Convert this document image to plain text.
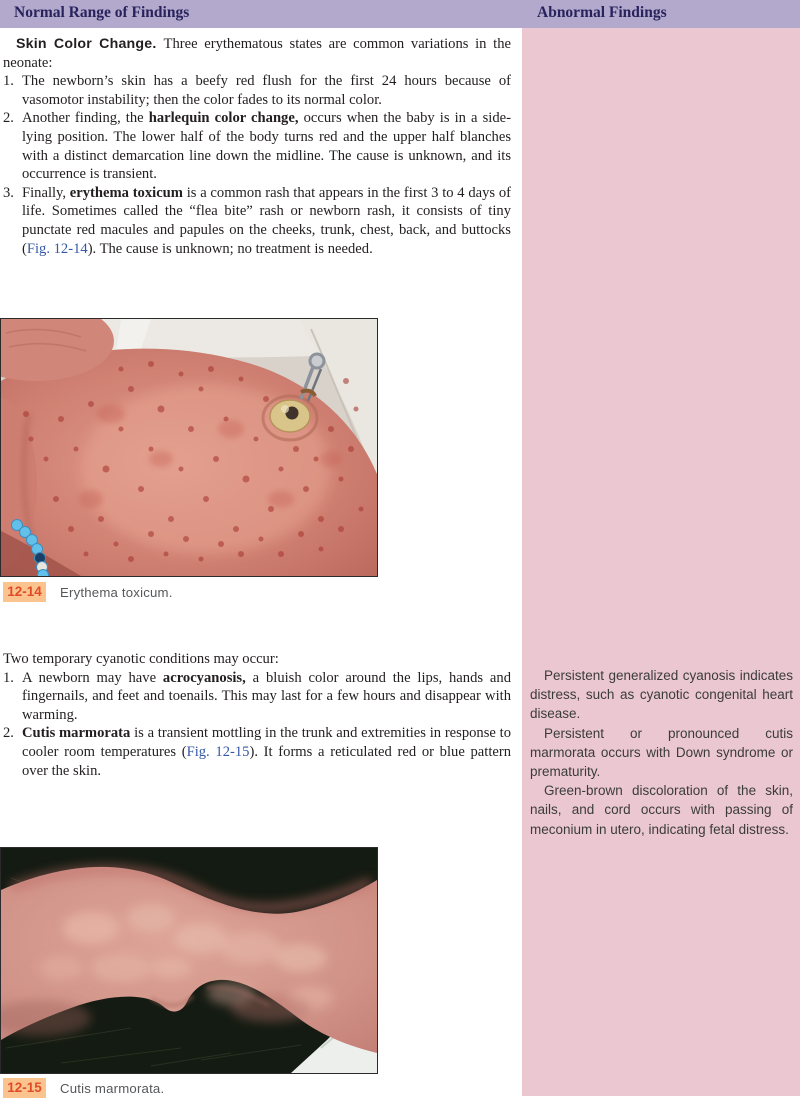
Normal Range of Findings	Abnormal Findings

Persistent generalized cyanosis indicates distress, such as cyanotic congenital heart disease.

Persistent or pronounced cutis marmorata occurs with Down syndrome or prematurity.

Green-brown discoloration of the skin, nails, and cord occurs with passing of meconium in utero, indicating fetal distress.

Skin Color Change. Three erythematous states are common variations in the neonate:

1. The newborn’s skin has a beefy red flush for the first 24 hours because of vasomotor instability; then the color fades to its normal color.
2. Another finding, the harlequin color change, occurs when the baby is in a side-lying position. The lower half of the body turns red and the upper half blanches with a distinct demarcation line down the midline. The cause is unknown, and its occurrence is transient.
3. Finally, erythema toxicum is a common rash that appears in the first 3 to 4 days of life. Sometimes called the “flea bite” rash or newborn rash, it consists of tiny punctate red macules and papules on the cheeks, trunk, chest, back, and buttocks (Fig. 12-14). The cause is unknown; no treatment is needed.
12-14 Erythema toxicum.

Two temporary cyanotic conditions may occur:

1. A newborn may have acrocyanosis, a bluish color around the lips, hands and fingernails, and feet and toenails. This may last for a few hours and disappear with warming.
2. Cutis marmorata is a transient mottling in the trunk and extremities in response to cooler room temperatures (Fig. 12-15). It forms a reticulated red or blue pattern over the skin.
12-15 Cutis marmorata.
